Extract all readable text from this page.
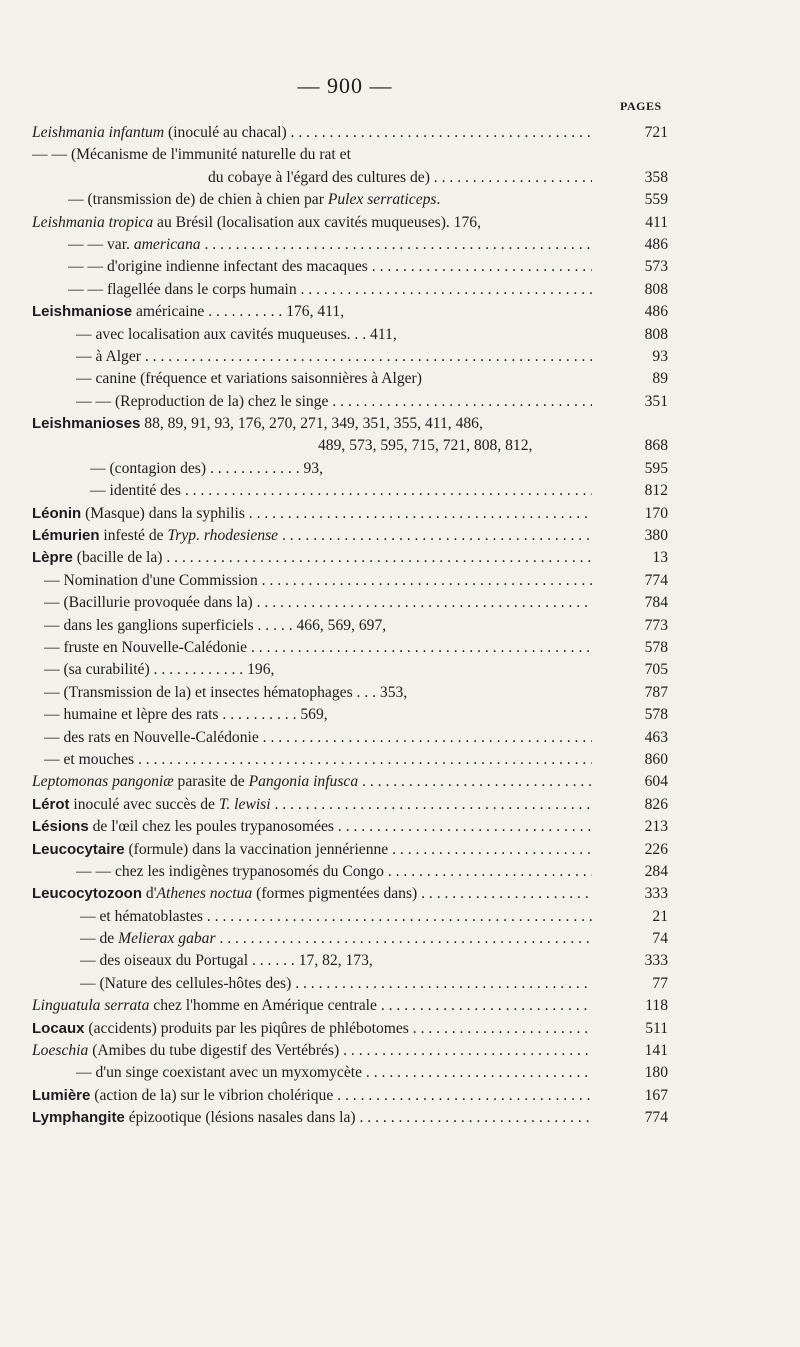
— 900 —
PAGES
Leishmania infantum (inoculé au chacal) . . .	721
— — (Mécanisme de l'immunité naturelle du rat et
du cobaye à l'égard des cultures de) . . .	358
— (transmission de) de chien à chien par Pulex serraticeps.	559
Leishmania tropica au Brésil (localisation aux cavités muqueuses). 176,	411
— — var. americana . . .	486
— — d'origine indienne infectant des macaques . . .	573
— — flagellée dans le corps humain . . .	808
Leishmaniose américaine . . . . . . . . . . 176, 411,	486
— avec localisation aux cavités muqueuses. . . 411,	808
— à Alger . . .	93
— canine (fréquence et variations saisonnières à Alger)	89
— — (Reproduction de la) chez le singe . . .	351
Leishmanioses 88, 89, 91, 93, 176, 270, 271, 349, 351, 355, 411, 486,
489, 573, 595, 715, 721, 808, 812,	868
— (contagion des) . . . . . . . . . . . . 93,	595
— identité des . . .	812
Léonin (Masque) dans la syphilis . . .	170
Lémurien infesté de Tryp. rhodesiense . . .	380
Lèpre (bacille de la) . . .	13
— Nomination d'une Commission . . .	774
— (Bacillurie provoquée dans la) . . .	784
— dans les ganglions superficiels . . . . . 466, 569, 697,	773
— fruste en Nouvelle-Calédonie . . .	578
— (sa curabilité) . . . . . . . . . . . . 196,	705
— (Transmission de la) et insectes hématophages . . . 353,	787
— humaine et lèpre des rats . . . . . . . . . . 569,	578
— des rats en Nouvelle-Calédonie . . .	463
— et mouches . . .	860
Leptomonas pangoniæ parasite de Pangonia infusca . . .	604
Lérot inoculé avec succès de T. lewisi . . .	826
Lésions de l'œil chez les poules trypanosomées . . .	213
Leucocytaire (formule) dans la vaccination jennérienne . . .	226
— — chez les indigènes trypanosomés du Congo . . .	284
Leucocytozoon d'Athenes noctua (formes pigmentées dans) . . .	333
— et hématoblastes . . .	21
— de Melierax gabar . . .	74
— des oiseaux du Portugal . . . . . . 17, 82, 173,	333
— (Nature des cellules-hôtes des) . . .	77
Linguatula serrata chez l'homme en Amérique centrale . . .	118
Locaux (accidents) produits par les piqûres de phlébotomes . . .	511
Loeschia (Amibes du tube digestif des Vertébrés) . . .	141
— d'un singe coexistant avec un myxomycète . . .	180
Lumière (action de la) sur le vibrion cholérique . . .	167
Lymphangite épizootique (lésions nasales dans la) . . .	774
